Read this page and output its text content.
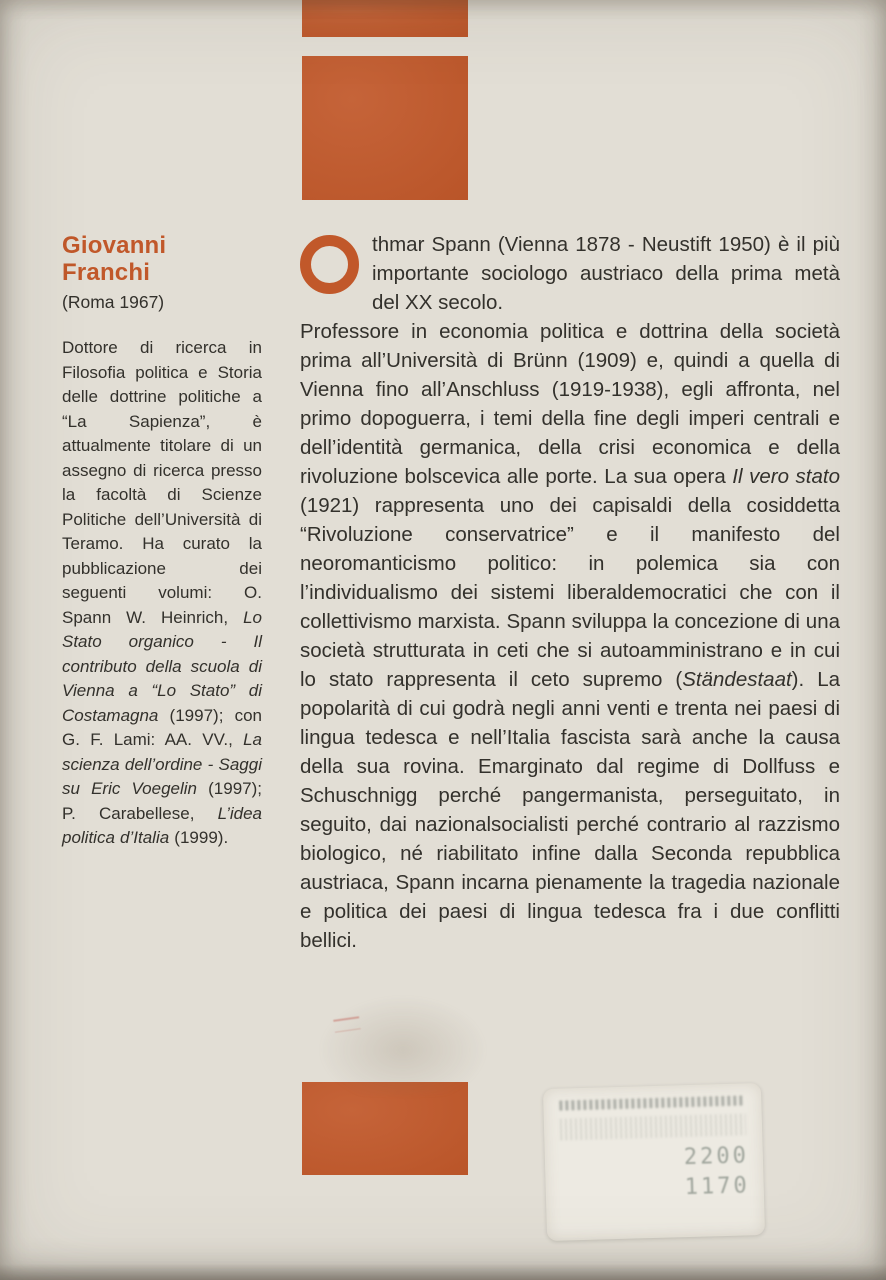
Giovanni
Franchi

(Roma 1967)

Dottore di ricerca in Filosofia politica e Storia delle dottrine politiche a “La Sapienza”, è attualmente titolare di un assegno di ricerca presso la facoltà di Scienze Politiche dell’Università di Teramo. Ha curato la pubblicazione dei seguenti volumi: O. Spann W. Heinrich, Lo Stato organico - Il contributo della scuola di Vienna a “Lo Stato” di Costamagna (1997); con G. F. Lami: AA. VV., La scienza dell’ordine - Saggi su Eric Voegelin (1997); P. Carabellese, L’idea politica d’Italia (1999).

thmar Spann (Vienna 1878 - Neustift 1950) è il più importante sociologo austriaco della prima metà del XX secolo.
Professore in economia politica e dottrina della società prima all’Università di Brünn (1909) e, quindi a quella di Vienna fino all’Anschluss (1919-1938), egli affronta, nel primo dopoguerra, i temi della fine degli imperi centrali e dell’identità germanica, della crisi economica e della rivoluzione bolscevica alle porte. La sua opera Il vero stato (1921) rappresenta uno dei capisaldi della cosiddetta “Rivoluzione conservatrice” e il manifesto del neoromanticismo politico: in polemica sia con l’individualismo dei sistemi liberaldemocratici che con il collettivismo marxista. Spann sviluppa la concezione di una società strutturata in ceti che si autoamministrano e in cui lo stato rappresenta il ceto supremo (Ständestaat). La popolarità di cui godrà negli anni venti e trenta nei paesi di lingua tedesca e nell’Italia fascista sarà anche la causa della sua rovina. Emarginato dal regime di Dollfuss e Schuschnigg perché pangermanista, perseguitato, in seguito, dai nazionalsocialisti perché contrario al razzismo biologico, né riabilitato infine dalla Seconda repubblica austriaca, Spann incarna pienamente la tragedia nazionale e politica dei paesi di lingua tedesca fra i due conflitti bellici.

2200
1170
